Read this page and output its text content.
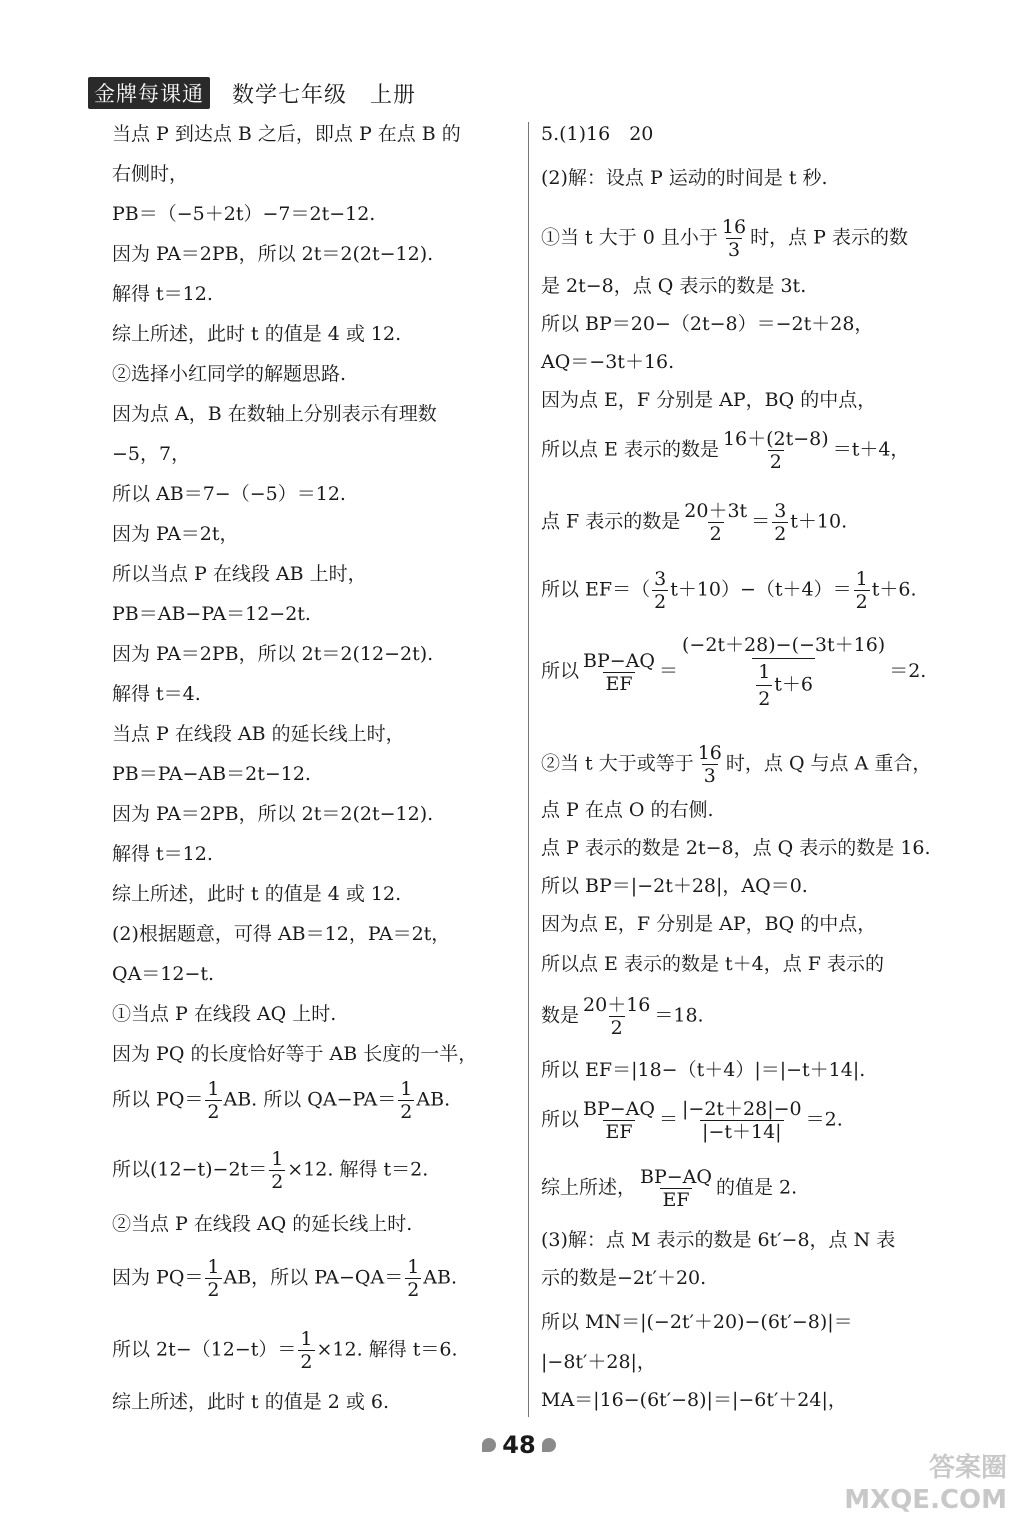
金牌每课通 数学七年级　上册
当点 P 到达点 B 之后，即点 P 在点 B 的
右侧时，
PB＝（−5＋2t）−7＝2t−12.
因为 PA＝2PB，所以 2t＝2(2t−12).
解得 t＝12.
综上所述，此时 t 的值是 4 或 12.
②选择小红同学的解题思路.
因为点 A，B 在数轴上分别表示有理数
−5，7，
所以 AB＝7−（−5）＝12.
因为 PA＝2t，
所以当点 P 在线段 AB 上时，
PB＝AB−PA＝12−2t.
因为 PA＝2PB，所以 2t＝2(12−2t).
解得 t＝4.
当点 P 在线段 AB 的延长线上时，
PB＝PA−AB＝2t−12.
因为 PA＝2PB，所以 2t＝2(2t−12).
解得 t＝12.
综上所述，此时 t 的值是 4 或 12.
(2)根据题意，可得 AB＝12，PA＝2t，
QA＝12−t.
①当点 P 在线段 AQ 上时.
因为 PQ 的长度恰好等于 AB 长度的一半，
所以 $PQ= \frac{1}{2}$ AB. 所以 $QA-PA= \frac{1}{2}$ AB.
所以$(12-t)-2t= \frac{1}{2} \times 12$. 解得 t＝2.
②当点 P 在线段 AQ 的延长线上时.
因为 $PQ= \frac{1}{2}$ AB，所以 $PA-QA= \frac{1}{2}$ AB.
所以 $2t-(12-t)= \frac{1}{2} \times 12$. 解得 t＝6.
综上所述，此时 t 的值是 2 或 6.
5.(1)16　20
(2)解：设点 P 运动的时间是 t 秒.
①当 t 大于 0 且小于 $\frac{16}{3}$ 时，点 P 表示的数
是 2t−8，点 Q 表示的数是 3t.
所以 BP＝20−（2t−8）＝−2t＋28，
AQ＝−3t＋16.
因为点 E，F 分别是 AP，BQ 的中点，
所以点 E 表示的数是 $\frac{16+(2t-8)}{2} =t+4$，
点 F 表示的数是 $\frac{20+3t}{2} = \frac{3}{2} t+10$.
所以 $EF=( \frac{3}{2} t+10)-(t+4)= \frac{1}{2} t+6$.
所以 $\frac{BP-AQ}{EF} = \frac{(-2t+28)-(-3t+16)}{\frac{1}{2} t+6} =2$.
②当 t 大于或等于 $\frac{16}{3}$ 时，点 Q 与点 A 重合，
点 P 在点 O 的右侧.
点 P 表示的数是 2t−8，点 Q 表示的数是 16.
所以 BP＝|−2t＋28|，AQ＝0.
因为点 E，F 分别是 AP，BQ 的中点，
所以点 E 表示的数是 t＋4，点 F 表示的
数是 $\frac{20+16}{2} =18$.
所以 EF＝|18−（t＋4）|＝|−t＋14|.
所以 $\frac{BP-AQ}{EF} = \frac{|-2t+28|-0}{|-t+14|} =2$.
综上所述， $\frac{BP-AQ}{EF}$ 的值是 2.
(3)解：点 M 表示的数是 6t′−8，点 N 表
示的数是−2t′＋20.
所以 MN＝|(−2t′＋20)−(6t′−8)|＝
|−8t′＋28|，
MA＝|16−(6t′−8)|＝|−6t′＋24|，
48
答案圈
MXQE.COM
